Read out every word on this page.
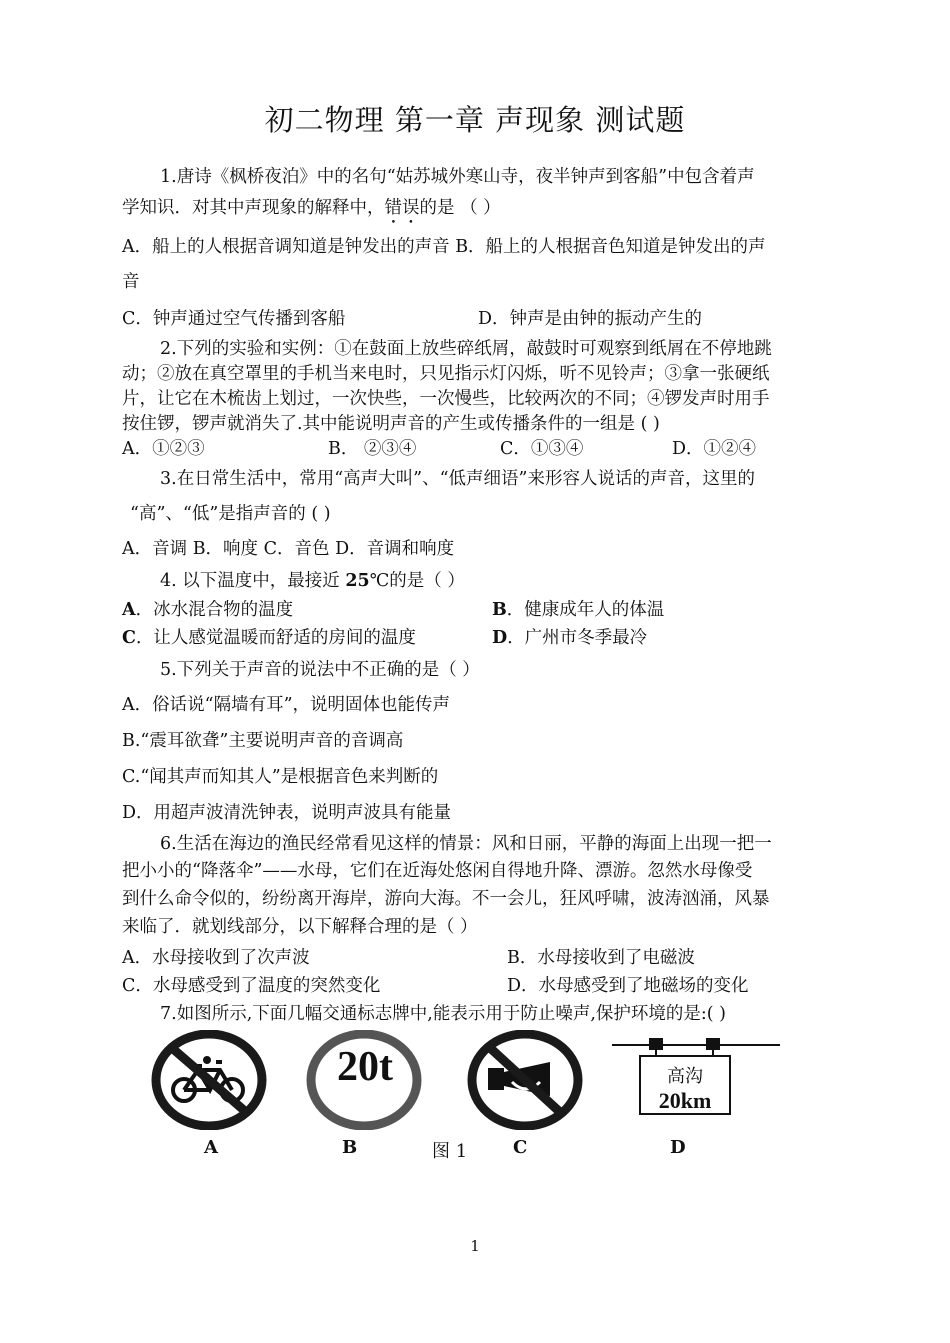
初二物理 第一章 声现象 测试题
1.唐诗《枫桥夜泊》中的名句“姑苏城外寒山寺，夜半钟声到客船”中包含着声
学知识．对其中声现象的解释中，错误的是 （ ）
A．船上的人根据音调知道是钟发出的声音 B．船上的人根据音色知道是钟发出的声
音
C．钟声通过空气传播到客船	D．钟声是由钟的振动产生的
2.下列的实验和实例：①在鼓面上放些碎纸屑，敲鼓时可观察到纸屑在不停地跳
动；②放在真空罩里的手机当来电时，只见指示灯闪烁，听不见铃声；③拿一张硬纸
片，让它在木梳齿上划过，一次快些，一次慢些，比较两次的不同；④锣发声时用手
按住锣，锣声就消失了.其中能说明声音的产生或传播条件的一组是 ( )
A．①②③	B． ②③④	C．①③④	D．①②④
3.在日常生活中，常用“高声大叫”、“低声细语”来形容人说话的声音，这里的
“高”、“低”是指声音的 ( )
A．音调 B．响度 C．音色 D．音调和响度
4. 以下温度中，最接近 25℃的是（ ）
A．冰水混合物的温度	B．健康成年人的体温
C．让人感觉温暖而舒适的房间的温度	D．广州市冬季最冷
5.下列关于声音的说法中不正确的是（ ）
A．俗话说“隔墙有耳”，说明固体也能传声
B.“震耳欲聋”主要说明声音的音调高
C.“闻其声而知其人”是根据音色来判断的
D．用超声波清洗钟表，说明声波具有能量
6.生活在海边的渔民经常看见这样的情景：风和日丽，平静的海面上出现一把一
把小小的“降落伞”——水母，它们在近海处悠闲自得地升降、漂游。忽然水母像受
到什么命令似的，纷纷离开海岸，游向大海。不一会儿，狂风呼啸，波涛汹涌，风暴
来临了．就划线部分，以下解释合理的是（ ）
A．水母接收到了次声波	B．水母接收到了电磁波
C．水母感受到了温度的突然变化	D．水母感受到了地磁场的变化
7.如图所示,下面几幅交通标志牌中,能表示用于防止噪声,保护环境的是:( )
20t	高沟
20km
A	B	图 1	C	D
1
